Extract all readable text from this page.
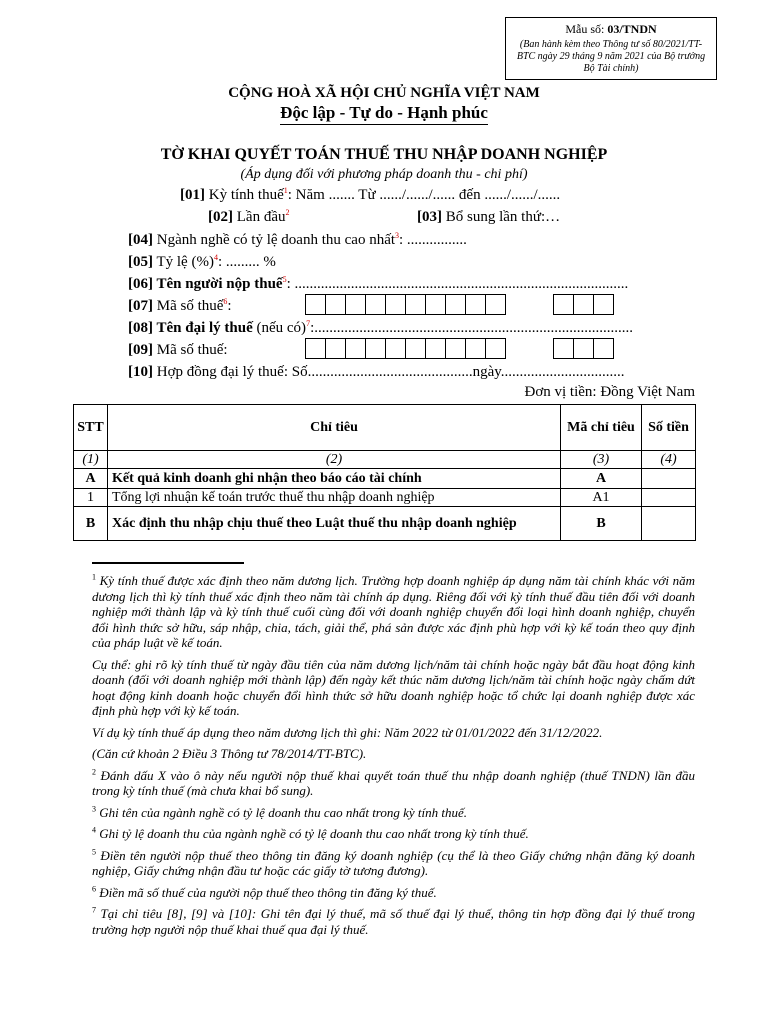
Mẫu số: 03/TNDN
(Ban hành kèm theo Thông tư số 80/2021/TT-BTC ngày 29 tháng 9 năm 2021 của Bộ trưởng Bộ Tài chính)
CỘNG HOÀ XÃ HỘI CHỦ NGHĨA VIỆT NAM
Độc lập - Tự do - Hạnh phúc
TỜ KHAI QUYẾT TOÁN THUẾ THU NHẬP DOANH NGHIỆP
(Áp dụng đối với phương pháp doanh thu - chi phí)
[01] Kỳ tính thuế$^1$: Năm ....... Từ ....../....../...... đến ....../....../......
[02] Lần đầu$^2$	[03] Bổ sung lần thứ:…
[04] Ngành nghề có tỷ lệ doanh thu cao nhất$^3$: ................
[05] Tỷ lệ (%)$^4$: ......... %
[06] Tên người nộp thuế$^5$: .........................................................................................
[07] Mã số thuế$^6$:
[08] Tên đại lý thuế (nếu có)$^7$:.....................................................................................
[09] Mã số thuế:
[10] Hợp đồng đại lý thuế: Số............................................ngày.................................
Đơn vị tiền: Đồng Việt Nam
STT	Chỉ tiêu	Mã chỉ tiêu	Số tiền
(1)	(2)	(3)	(4)
A	Kết quả kinh doanh ghi nhận theo báo cáo tài chính	A	
1	Tổng lợi nhuận kế toán trước thuế thu nhập doanh nghiệp	A1	
B	Xác định thu nhập chịu thuế theo Luật thuế thu nhập doanh nghiệp	B	

$^1$ Kỳ tính thuế được xác định theo năm dương lịch. Trường hợp doanh nghiệp áp dụng năm tài chính khác với năm dương lịch thì kỳ tính thuế xác định theo năm tài chính áp dụng. Riêng đối với kỳ tính thuế đầu tiên đối với doanh nghiệp mới thành lập và kỳ tính thuế cuối cùng đối với doanh nghiệp chuyển đổi loại hình doanh nghiệp, chuyển đổi hình thức sở hữu, sáp nhập, chia, tách, giải thể, phá sản được xác định phù hợp với kỳ kế toán theo quy định của pháp luật về kế toán.

Cụ thể: ghi rõ kỳ tính thuế từ ngày đầu tiên của năm dương lịch/năm tài chính hoặc ngày bắt đầu hoạt động kinh doanh (đối với doanh nghiệp mới thành lập) đến ngày kết thúc năm dương lịch/năm tài chính hoặc ngày chấm dứt hoạt động kinh doanh hoặc chuyển đổi hình thức sở hữu doanh nghiệp hoặc tổ chức lại doanh nghiệp được xác định phù hợp với kỳ kế toán.

Ví dụ kỳ tính thuế áp dụng theo năm dương lịch thì ghi: Năm 2022 từ 01/01/2022 đến 31/12/2022.

(Căn cứ khoản 2 Điều 3 Thông tư 78/2014/TT-BTC).

$^2$ Đánh dấu X vào ô này nếu người nộp thuế khai quyết toán thuế thu nhập doanh nghiệp (thuế TNDN) lần đầu trong kỳ tính thuế (mà chưa khai bổ sung).

$^3$ Ghi tên của ngành nghề có tỷ lệ doanh thu cao nhất trong kỳ tính thuế.

$^4$ Ghi tỷ lệ doanh thu của ngành nghề có tỷ lệ doanh thu cao nhất trong kỳ tính thuế.

$^5$ Điền tên người nộp thuế theo thông tin đăng ký doanh nghiệp (cụ thể là theo Giấy chứng nhận đăng ký doanh nghiệp, Giấy chứng nhận đầu tư hoặc các giấy tờ tương đương).

$^6$ Điền mã số thuế của người nộp thuế theo thông tin đăng ký thuế.

$^7$ Tại chỉ tiêu [8], [9] và [10]: Ghi tên đại lý thuế, mã số thuế đại lý thuế, thông tin hợp đồng đại lý thuế trong trường hợp người nộp thuế khai thuế qua đại lý thuế.
